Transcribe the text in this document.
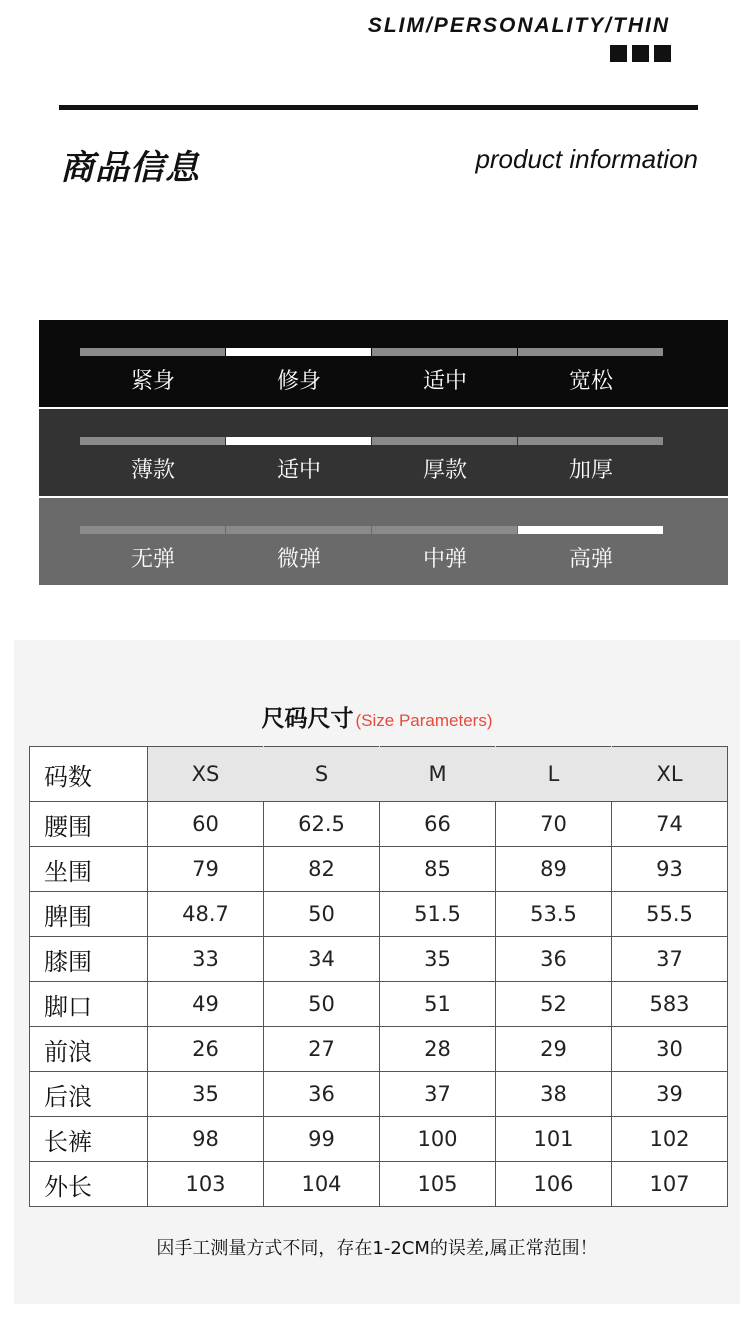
SLIM/PERSONALITY/THIN
商品信息	product information
紧身	修身	适中	宽松
薄款	适中	厚款	加厚
无弹	微弹	中弹	高弹
尺码尺寸 (Size Parameters)
码数	XS	S	M	L	XL
腰围	60	62.5	66	70	74
坐围	79	82	85	89	93
脾围	48.7	50	51.5	53.5	55.5
膝围	33	34	35	36	37
脚口	49	50	51	52	583
前浪	26	27	28	29	30
后浪	35	36	37	38	39
长裤	98	99	100	101	102
外长	103	104	105	106	107
因手工测量方式不同，存在1-2CM的误差,属正常范围！
